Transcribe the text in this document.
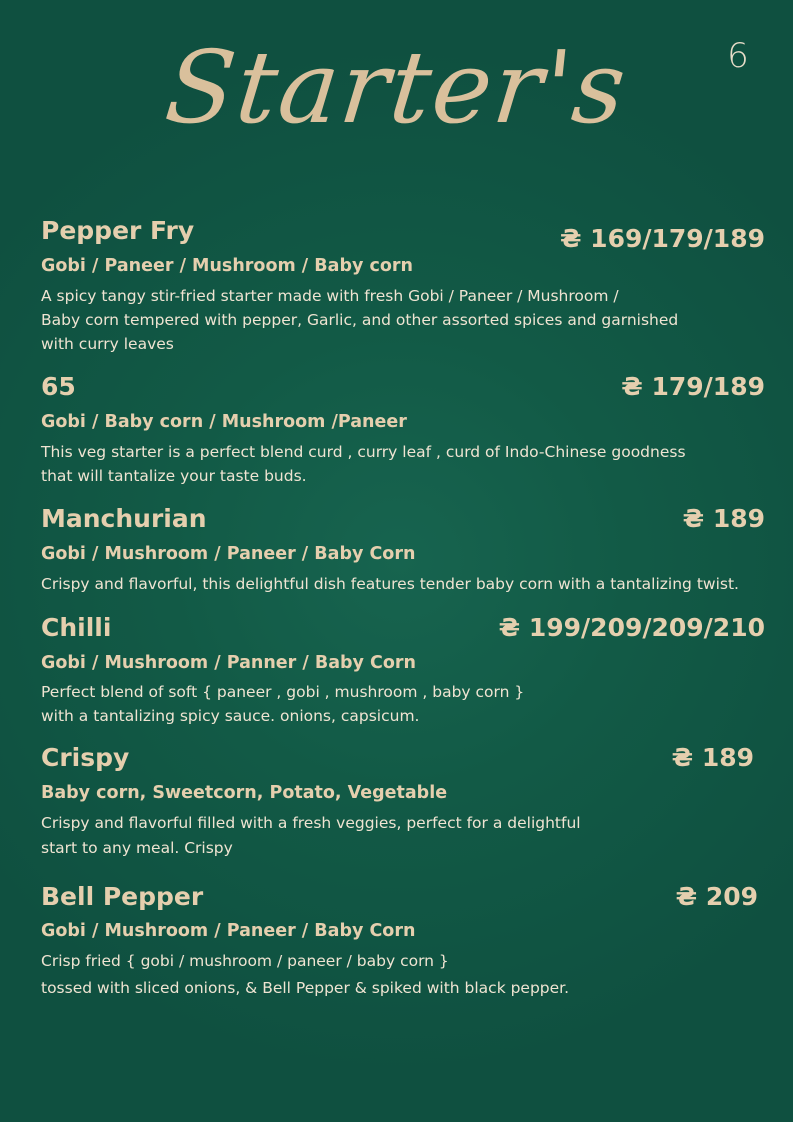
Starter's	6
Pepper Fry	₴ 169/179/189
Gobi / Paneer / Mushroom / Baby corn
A spicy tangy stir-fried starter made with fresh Gobi / Paneer / Mushroom /
Baby corn tempered with pepper, Garlic, and other assorted spices and garnished
with curry leaves
65	₴ 179/189
Gobi / Baby corn / Mushroom /Paneer
This veg starter is a perfect blend curd , curry leaf , curd of Indo-Chinese goodness
that will tantalize your taste buds.
Manchurian	₴ 189
Gobi / Mushroom / Paneer / Baby Corn
Crispy and flavorful, this delightful dish features tender baby corn with a tantalizing twist.
Chilli	₴ 199/209/209/210
Gobi / Mushroom / Panner / Baby Corn
Perfect blend of soft { paneer , gobi , mushroom , baby corn }
with a tantalizing spicy sauce. onions, capsicum.
Crispy	₴ 189
Baby corn, Sweetcorn, Potato, Vegetable
Crispy and flavorful filled with a fresh veggies, perfect for a delightful
start to any meal. Crispy
Bell Pepper	₴ 209
Gobi / Mushroom / Paneer / Baby Corn
Crisp fried { gobi / mushroom / paneer / baby corn }
tossed with sliced onions, & Bell Pepper & spiked with black pepper.
